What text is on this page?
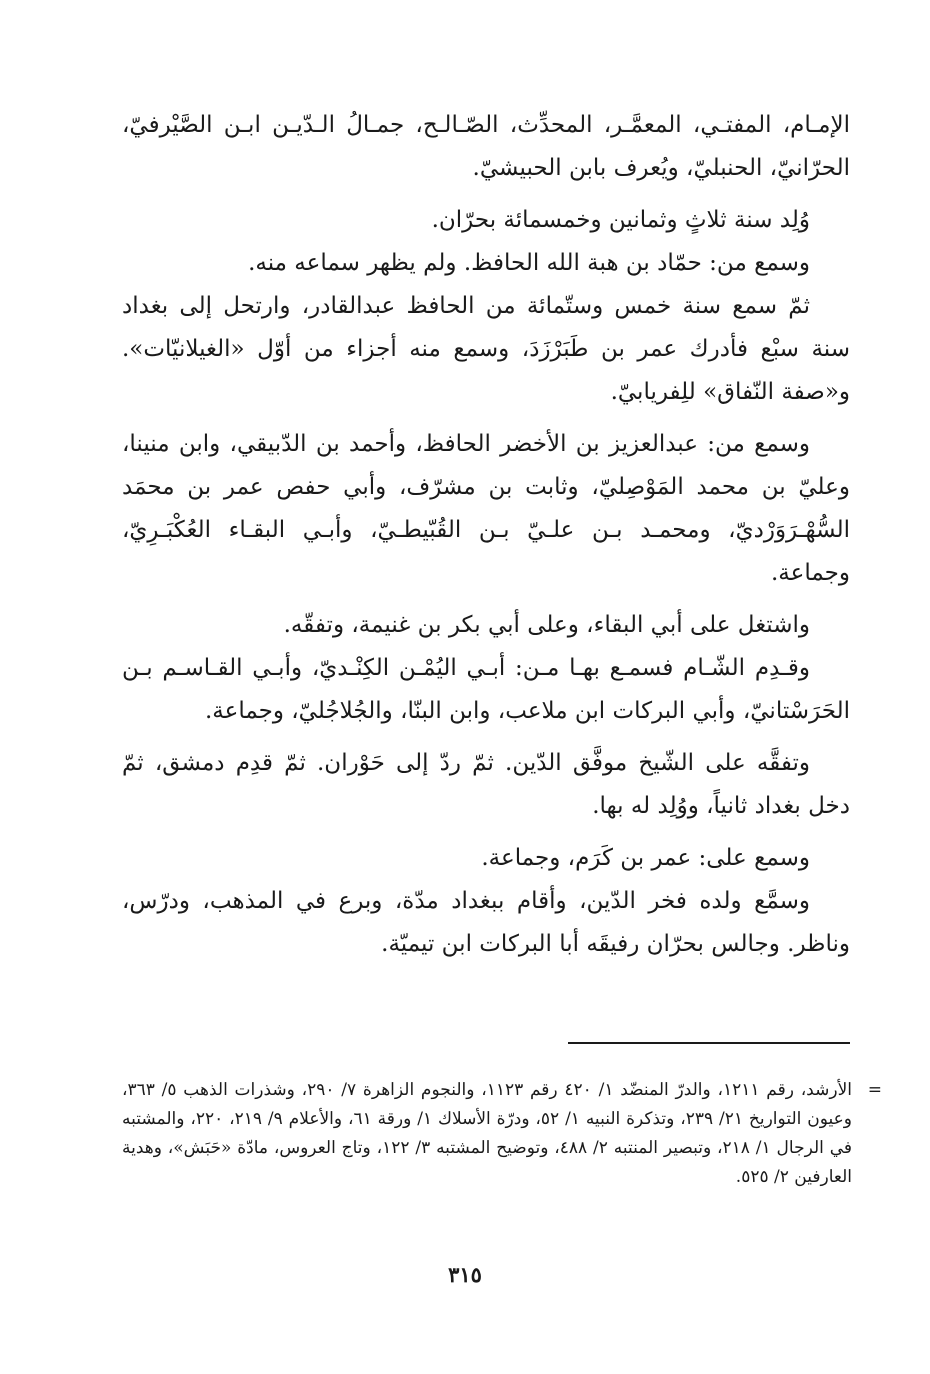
الإمـام، المفتـي، المعمَّـر، المحدِّث، الصّـالـح، جمـالُ الـدّيـن ابـن الصَّيْرفيّ، الحرّانيّ، الحنبليّ، ويُعرف بابن الحبيشيّ.

وُلِد سنة ثلاثٍ وثمانين وخمسمائة بحرّان.

وسمع من: حمّاد بن هبة الله الحافظ. ولم يظهر سماعه منه.

ثمّ سمع سنة خمس وستّمائة من الحافظ عبدالقادر، وارتحل إلى بغداد سنة سبْع فأدرك عمر بن طَبَرْزَدَ، وسمع منه أجزاء من أوّل «الغيلانيّات». و«صفة النّفاق» للِفريابيّ.

وسمع من: عبدالعزيز بن الأخضر الحافظ، وأحمد بن الدّبيقي، وابن منينا، وعليّ بن محمد المَوْصِليّ، وثابت بن مشرّف، وأبي حفص عمر بن محمَد السُّهْـرَوَرْديّ، ومحمـد بـن علـيّ بـن القُبّيطـيّ، وأبـي البقـاء العُكْبَـرِيّ، وجماعة.

واشتغل على أبي البقاء، وعلى أبي بكر بن غنيمة، وتفقّه.

وقـدِم الشّـام فسمـع بهـا مـن: أبـي اليُمْـن الكِنْـديّ، وأبـي القـاسـم بـن الحَرَسْتانيّ، وأبي البركات ابن ملاعب، وابن البنّا، والجُلاجُليّ، وجماعة.

وتفقَّه على الشّيخ موفَّق الدّين. ثمّ ردّ إلى حَوْران. ثمّ قدِم دمشق، ثمّ دخل بغداد ثانياً، ووُلِد له بها.

وسمع على: عمر بن كَرَم، وجماعة.

وسمَّع ولده فخر الدّين، وأقام ببغداد مدّة، وبرع في المذهب، ودرّس، وناظر. وجالس بحرّان رفيقَه أبا البركات ابن تيميّة.

=
الأرشد، رقم ١٢١١، والدرّ المنضّد ١/ ٤٢٠ رقم ١١٢٣، والنجوم الزاهرة ٧/ ٢٩٠، وشذرات الذهب ٥/ ٣٦٣، وعيون التواريخ ٢١/ ٢٣٩، وتذكرة النبيه ١/ ٥٢، ودرّة الأسلاك ١/ ورقة ٦١، والأعلام ٩/ ٢١٩، ٢٢٠، والمشتبه في الرجال ١/ ٢١٨، وتبصير المنتبه ٢/ ٤٨٨، وتوضيح المشتبه ٣/ ١٢٢، وتاج العروس، مادّة «حَبَش»، وهدية العارفين ٢/ ٥٢٥.
٣١٥
